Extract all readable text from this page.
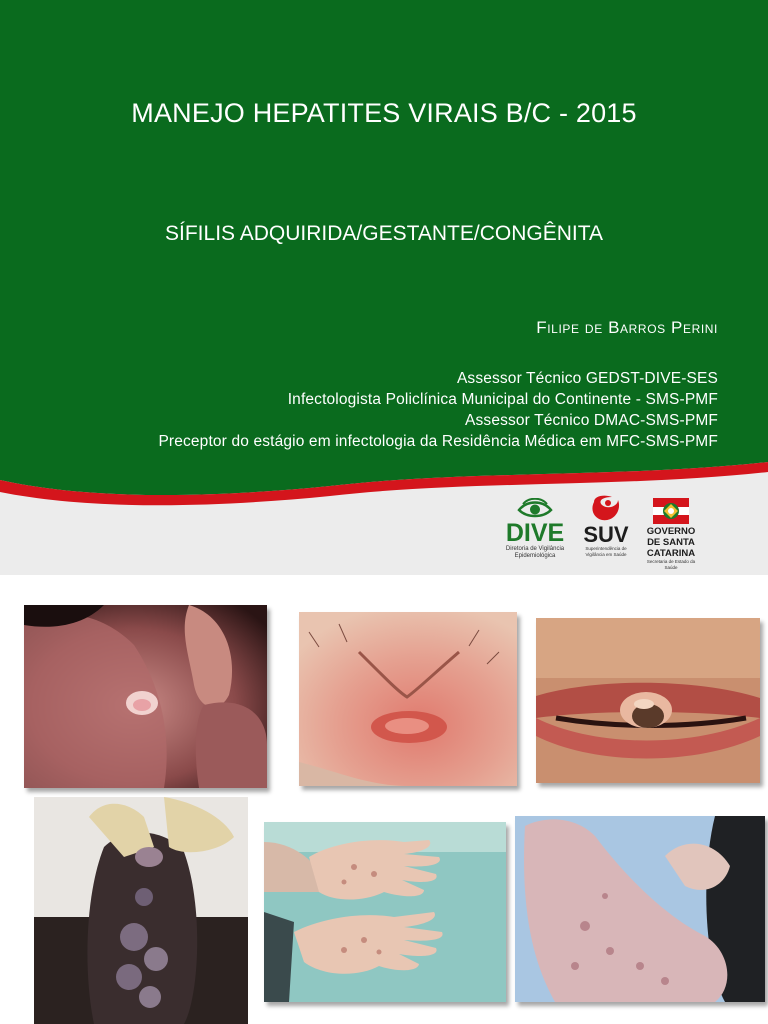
MANEJO HEPATITES VIRAIS B/C - 2015
SÍFILIS ADQUIRIDA/GESTANTE/CONGÊNITA
Filipe de Barros Perini
Assessor Técnico GEDST-DIVE-SES
Infectologista Policlínica Municipal do Continente - SMS-PMF
Assessor Técnico DMAC-SMS-PMF
Preceptor do estágio em infectologia da Residência Médica em MFC-SMS-PMF
DIVE
Diretoria de Vigilância
Epidemiológica
SUV
Superintendência de
Vigilância em Saúde
GOVERNO
DE SANTA
CATARINA
Secretaria de Estado da Saúde
